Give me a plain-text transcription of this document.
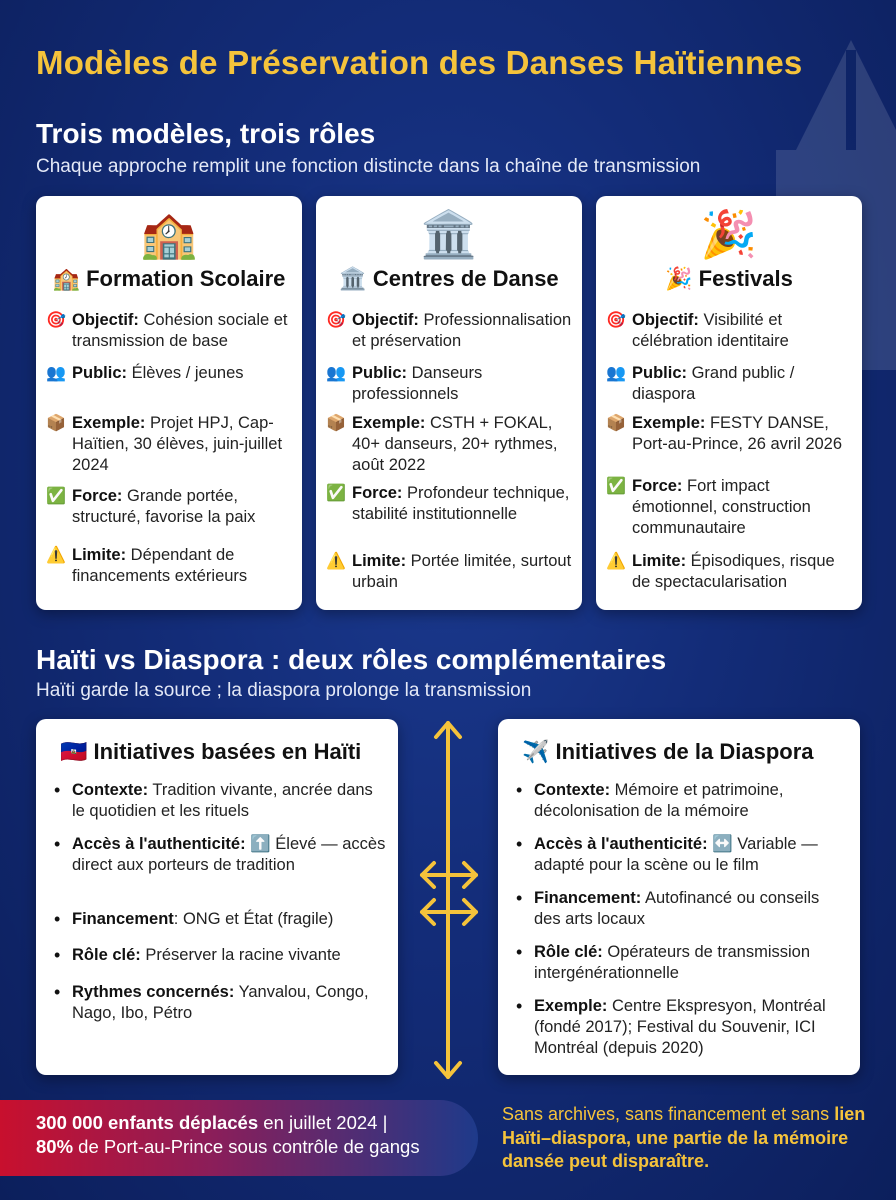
Modèles de Préservation des Danses Haïtiennes
Trois modèles, trois rôles
Chaque approche remplit une fonction distincte dans la chaîne de transmission
🏫
🏫 Formation Scolaire
🎯 Objectif: Cohésion sociale et transmission de base
👥 Public: Élèves / jeunes
📦 Exemple: Projet HPJ, Cap-Haïtien, 30 élèves, juin-juillet 2024
✅ Force: Grande portée, structuré, favorise la paix
⚠️ Limite: Dépendant de financements extérieurs
🏛️
🏛️ Centres de Danse
🎯 Objectif: Professionnalisation et préservation
👥 Public: Danseurs professionnels
📦 Exemple: CSTH + FOKAL, 40+ danseurs, 20+ rythmes, août 2022
✅ Force: Profondeur technique, stabilité institutionnelle
⚠️ Limite: Portée limitée, surtout urbain
🎉
🎉 Festivals
🎯 Objectif: Visibilité et célébration identitaire
👥 Public: Grand public / diaspora
📦 Exemple: FESTY DANSE, Port-au-Prince, 26 avril 2026
✅ Force: Fort impact émotionnel, construction communautaire
⚠️ Limite: Épisodiques, risque de spectacularisation
Haïti vs Diaspora : deux rôles complémentaires
Haïti garde la source ; la diaspora prolonge la transmission
🇭🇹 Initiatives basées en Haïti
• Contexte: Tradition vivante, ancrée dans le quotidien et les rituels
• Accès à l'authenticité: ⬆️ Élevé — accès direct aux porteurs de tradition
• Financement: ONG et État (fragile)
• Rôle clé: Préserver la racine vivante
• Rythmes concernés: Yanvalou, Congo, Nago, Ibo, Pétro
✈️ Initiatives de la Diaspora
• Contexte: Mémoire et patrimoine, décolonisation de la mémoire
• Accès à l'authenticité: ↔️ Variable — adapté pour la scène ou le film
• Financement: Autofinancé ou conseils des arts locaux
• Rôle clé: Opérateurs de transmission intergénérationnelle
• Exemple: Centre Ekspresyon, Montréal (fondé 2017); Festival du Souvenir, ICI Montréal (depuis 2020)
300 000 enfants déplacés en juillet 2024 |
80% de Port-au-Prince sous contrôle de gangs
Sans archives, sans financement et sans lien Haïti–diaspora, une partie de la mémoire dansée peut disparaître.
